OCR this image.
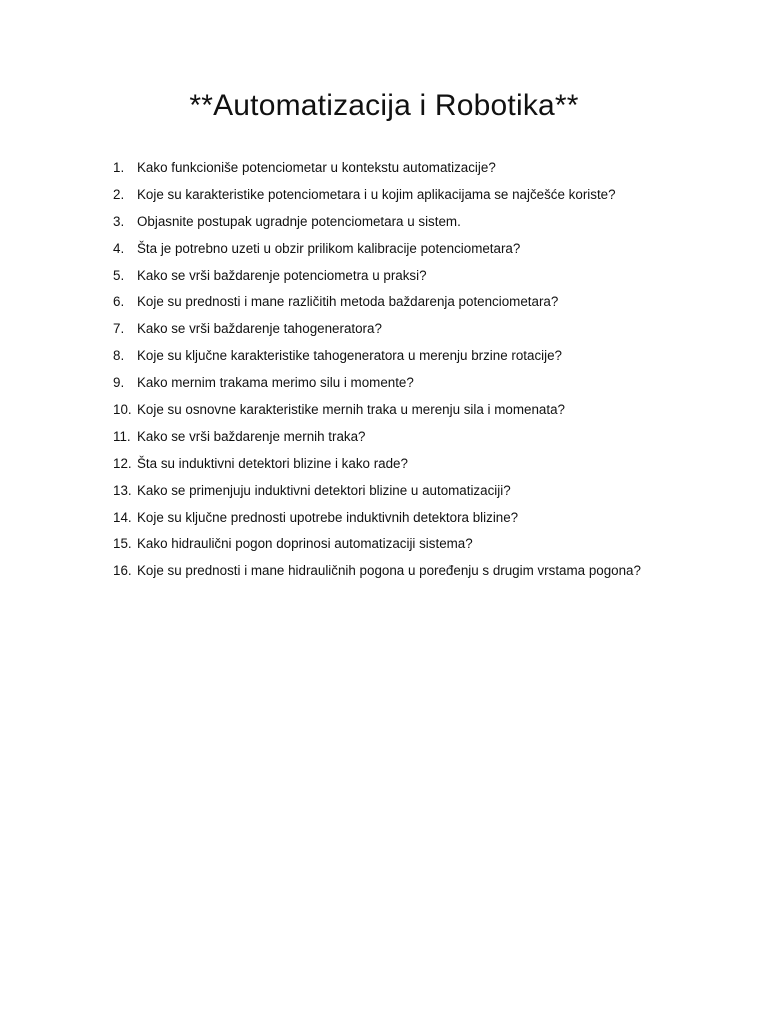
**Automatizacija i Robotika**
1. Kako funkcioniše potenciometar u kontekstu automatizacije?
2. Koje su karakteristike potenciometara i u kojim aplikacijama se najčešće koriste?
3. Objasnite postupak ugradnje potenciometara u sistem.
4. Šta je potrebno uzeti u obzir prilikom kalibracije potenciometara?
5. Kako se vrši baždarenje potenciometra u praksi?
6. Koje su prednosti i mane različitih metoda baždarenja potenciometara?
7. Kako se vrši baždarenje tahogeneratora?
8. Koje su ključne karakteristike tahogeneratora u merenju brzine rotacije?
9. Kako mernim trakama merimo silu i momente?
10. Koje su osnovne karakteristike mernih traka u merenju sila i momenata?
11. Kako se vrši baždarenje mernih traka?
12. Šta su induktivni detektori blizine i kako rade?
13. Kako se primenjuju induktivni detektori blizine u automatizaciji?
14. Koje su ključne prednosti upotrebe induktivnih detektora blizine?
15. Kako hidraulični pogon doprinosi automatizaciji sistema?
16. Koje su prednosti i mane hidrauličnih pogona u poređenju s drugim vrstama pogona?
